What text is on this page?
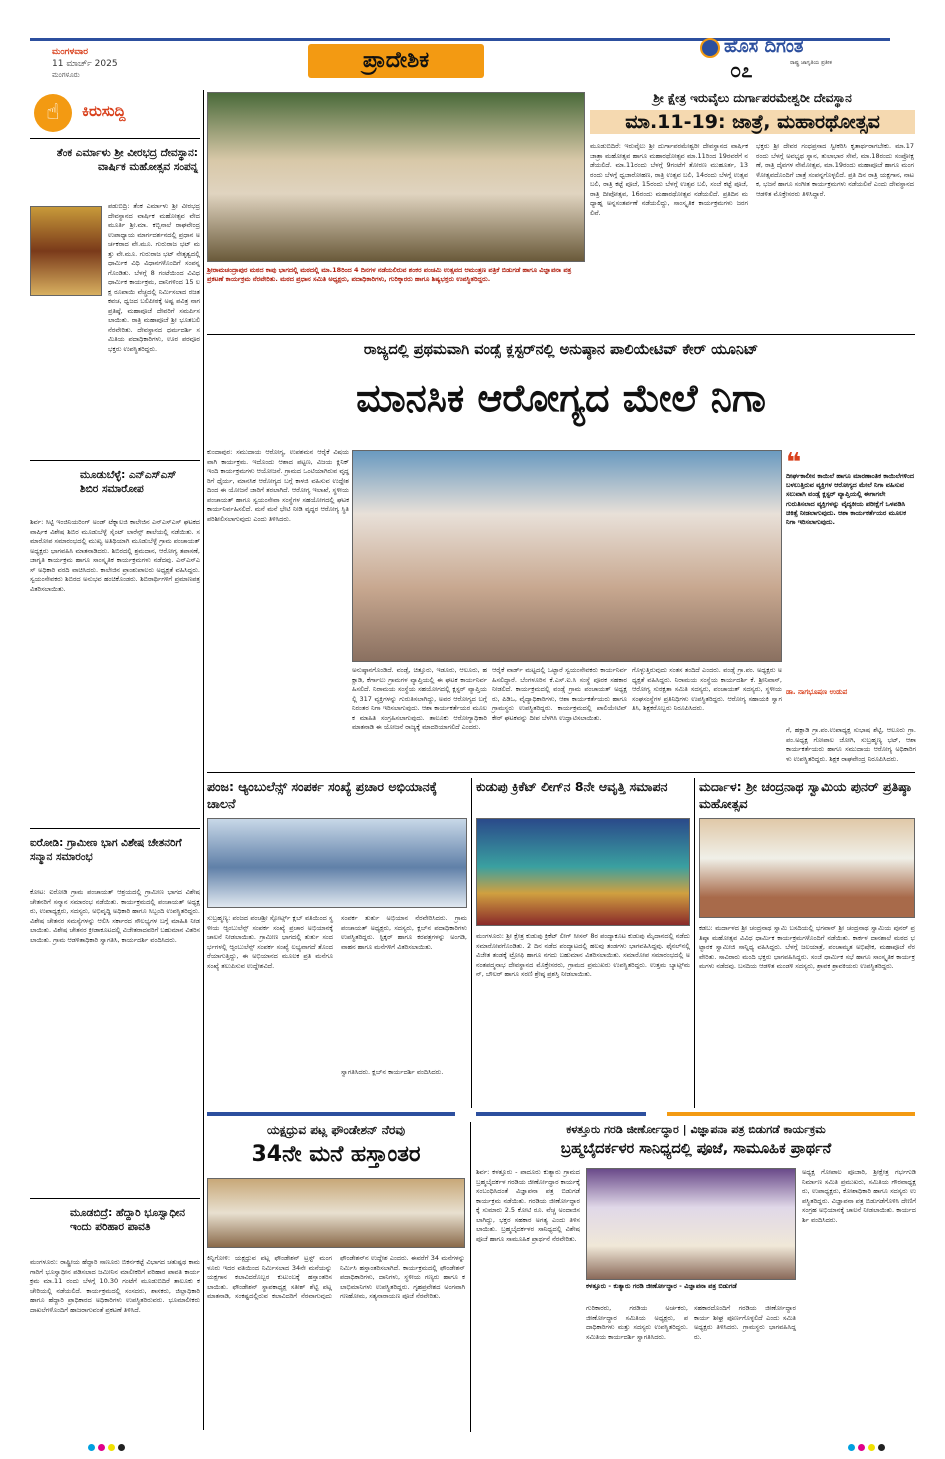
ಮಂಗಳವಾರ
11 ಮಾರ್ಚ್ 2025
ಮಂಗಳೂರು
ಪ್ರಾದೇಶಿಕ
ಹೊಸ ದಿಗಂತ
ರಾಷ್ಟ್ರ ಜಾಗೃತಿಯ ಪ್ರತೀಕ
೦೭
☝	ಕಿರುಸುದ್ದಿ
ತೆಂಕ ಎರ್ಮಾಳು ಶ್ರೀ ವೀರಭದ್ರ ದೇವಸ್ಥಾನ: ವಾರ್ಷಿಕ ಮಹೋತ್ಸವ ಸಂಪನ್ನ
ಪಡುಬಿದ್ರಿ: ತೆಂಕ ಎರ್ಮಾಳು ಶ್ರೀ ವೀರಭದ್ರ ದೇವಸ್ಥಾನದ ವಾರ್ಷಿಕ ಮಹೋತ್ಸವ ವೇದಮೂರ್ತಿ ಶ್ರೀ.ಮಾ. ಕಬ್ಬಿನಾಲೆ ರಾಘವೇಂದ್ರ ಉಪಾಧ್ಯಾಯ ಮಾರ್ಗದರ್ಶನದಲ್ಲಿ ಪ್ರಧಾನ ಅರ್ಚಕರಾದ ವೇ.ಮೂ. ಗುರುರಾಜ ಭಟ್ ಮತ್ತು ವೇ.ಮೂ. ಗುರುರಾಜ ಭಟ್ ನೇತೃತ್ವದಲ್ಲಿ ಧಾರ್ಮಿಕ ವಿಧಿ ವಿಧಾನಗಳೊಂದಿಗೆ ಸಂಪನ್ನಗೊಂಡಿತು. ಬೆಳಗ್ಗೆ 8 ಗಂಟೆಯಿಂದ ವಿವಿಧ ಧಾರ್ಮಿಕ ಕಾರ್ಯಕ್ರಮ, ದಾನಿಗಳಿಂದ 15 ಲಕ್ಷ ರೂಪಾಯಿ ವೆಚ್ಚದಲ್ಲಿ ನಿರ್ಮಿಸಲಾದ ರಜತ ಕವಚ, ಧ್ವಜದ ಬಲಿಪೀಠಕ್ಕೆ ಅಷ್ಟ ಪವಿತ್ರ ನಾಗ ಪ್ರತಿಷ್ಠೆ, ಮಹಾಪೂಜೆ ದೇವರಿಗೆ ಸಮರ್ಪಿಸಲಾಯಿತು. ರಾತ್ರಿ ಮಹಾಪೂಜೆ ಶ್ರೀ ಭೂತಬಲಿ ನೆರವೇರಿತು. ದೇವಸ್ಥಾನದ ಧರ್ಮದರ್ಶಿ ಸಮಿತಿಯ ಪದಾಧಿಕಾರಿಗಳು, ಊರ ಪರವೂರ ಭಕ್ತರು ಉಪಸ್ಥಿತರಿದ್ದರು.
ಮೂಡುಬೆಳ್ಳೆ: ಎನ್‌ಎಸ್‌ಎಸ್ ಶಿಬಿರ ಸಮಾರೋಪ
ಶಿರ್ವ: ಸಿಟ್ಟಿ ಇಂಜಿನಿಯರಿಂಗ್ ಅಂಡ್ ಟೆಕ್ನಾಲಜಿ ಕಾಲೇಜಿನ ಎನ್‌ಎಸ್‌ಎಸ್ ಘಟಕದ ವಾರ್ಷಿಕ ವಿಶೇಷ ಶಿಬಿರ ಮೂಡುಬೆಳ್ಳೆ ಸೈಂಟ್ ಲಾರೆನ್ಸ್ ಶಾಲೆಯಲ್ಲಿ ನಡೆಯಿತು. ಸಮಾರೋಪ ಸಮಾರಂಭದಲ್ಲಿ ಮುಖ್ಯ ಅತಿಥಿಯಾಗಿ ಮೂಡುಬೆಳ್ಳೆ ಗ್ರಾಮ ಪಂಚಾಯತ್ ಅಧ್ಯಕ್ಷರು ಭಾಗವಹಿಸಿ ಮಾತನಾಡಿದರು. ಶಿಬಿರದಲ್ಲಿ ಶ್ರಮದಾನ, ಆರೋಗ್ಯ ತಪಾಸಣೆ, ಜಾಗೃತಿ ಕಾರ್ಯಕ್ರಮ ಹಾಗೂ ಸಾಂಸ್ಕೃತಿಕ ಕಾರ್ಯಕ್ರಮಗಳು ನಡೆದವು. ಎನ್‌ಎಸ್‌ಎಸ್ ಅಧಿಕಾರಿ ವರದಿ ವಾಚಿಸಿದರು. ಕಾಲೇಜಿನ ಪ್ರಾಂಶುಪಾಲರು ಅಧ್ಯಕ್ಷತೆ ವಹಿಸಿದ್ದರು. ಸ್ವಯಂಸೇವಕರು ಶಿಬಿರದ ಅನುಭವ ಹಂಚಿಕೊಂಡರು. ಶಿಬಿರಾರ್ಥಿಗಳಿಗೆ ಪ್ರಮಾಣಪತ್ರ ವಿತರಿಸಲಾಯಿತು.
ಐರೋಡಿ: ಗ್ರಾಮೀಣ ಭಾಗ ವಿಶೇಷ ಚೇತನರಿಗೆ ಸನ್ಮಾನ ಸಮಾರಂಭ
ಕೋಟ: ಐರೋಡಿ ಗ್ರಾಮ ಪಂಚಾಯತ್ ಆಶ್ರಯದಲ್ಲಿ ಗ್ರಾಮೀಣ ಭಾಗದ ವಿಶೇಷ ಚೇತನರಿಗೆ ಸನ್ಮಾನ ಸಮಾರಂಭ ನಡೆಯಿತು. ಕಾರ್ಯಕ್ರಮದಲ್ಲಿ ಪಂಚಾಯತ್ ಅಧ್ಯಕ್ಷರು, ಉಪಾಧ್ಯಕ್ಷರು, ಸದಸ್ಯರು, ಅಭಿವೃದ್ಧಿ ಅಧಿಕಾರಿ ಹಾಗೂ ಸಿಬ್ಬಂದಿ ಉಪಸ್ಥಿತರಿದ್ದರು. ವಿಶೇಷ ಚೇತನರ ಸಮಸ್ಯೆಗಳನ್ನು ಆಲಿಸಿ ಸರ್ಕಾರದ ಸೌಲಭ್ಯಗಳ ಬಗ್ಗೆ ಮಾಹಿತಿ ನೀಡಲಾಯಿತು. ವಿಶೇಷ ಚೇತನರ ಕ್ರೀಡಾಕೂಟದಲ್ಲಿ ವಿಜೇತರಾದವರಿಗೆ ಬಹುಮಾನ ವಿತರಿಸಲಾಯಿತು. ಗ್ರಾಮ ಆಡಳಿತಾಧಿಕಾರಿ ಸ್ವಾಗತಿಸಿ, ಕಾರ್ಯದರ್ಶಿ ವಂದಿಸಿದರು.
ಮೂಡಬಿದ್ರೆ: ಹೆದ್ದಾರಿ ಭೂಸ್ವಾಧೀನ ಇಂದು ಪರಿಹಾರ ಪಾವತಿ
ಮಂಗಳೂರು: ರಾಷ್ಟ್ರೀಯ ಹೆದ್ದಾರಿ ಸಾಣೂರು ಬಿಕರ್ನಕಟ್ಟೆ ವಿಭಾಗದ ಚತುಷ್ಪಥ ಕಾಮಗಾರಿಗೆ ಭೂಸ್ವಾಧೀನ ಪಡಿಸಲಾದ ಜಮೀನಿನ ಮಾಲೀಕರಿಗೆ ಪರಿಹಾರ ಪಾವತಿ ಕಾರ್ಯಕ್ರಮ ಮಾ.11 ರಂದು ಬೆಳಗ್ಗೆ 10.30 ಗಂಟೆಗೆ ಮೂಡುಬಿದಿರೆ ತಾಲೂಕು ಕಚೇರಿಯಲ್ಲಿ ನಡೆಯಲಿದೆ. ಕಾರ್ಯಕ್ರಮದಲ್ಲಿ ಸಂಸದರು, ಶಾಸಕರು, ಜಿಲ್ಲಾಧಿಕಾರಿ ಹಾಗೂ ಹೆದ್ದಾರಿ ಪ್ರಾಧಿಕಾರದ ಅಧಿಕಾರಿಗಳು ಉಪಸ್ಥಿತರಿರುವರು. ಭೂಮಾಲೀಕರು ದಾಖಲೆಗಳೊಂದಿಗೆ ಹಾಜರಾಗುವಂತೆ ಪ್ರಕಟಣೆ ತಿಳಿಸಿದೆ.
ಶ್ರೀರಾಮಚಂದ್ರಾಪುರ ಮಠದ ಕಾಪು ಭಾಗದಲ್ಲಿ ಮಠದಲ್ಲಿ ಮಾ.18ರಿಂದ 4 ದಿನಗಳ ನಡೆಯಲಿರುವ ಶಂಕರ ಪಂಚಮಿ ಉತ್ಸವದ ಆಮಂತ್ರಣ ಪತ್ರಿಕೆ ಬಿಡುಗಡೆ ಹಾಗೂ ವಿಜ್ಞಾಪನಾ ಪತ್ರ ಪ್ರಕಟಣೆ ಕಾರ್ಯಕ್ರಮ ನೆರವೇರಿತು. ಮಠದ ಪ್ರಧಾನ ಸಮಿತಿ ಅಧ್ಯಕ್ಷರು, ಪದಾಧಿಕಾರಿಗಳು, ಗುರಿಕ್ಕಾರರು ಹಾಗೂ ಶಿಷ್ಯಭಕ್ತರು ಉಪಸ್ಥಿತರಿದ್ದರು.
ಶ್ರೀ ಕ್ಷೇತ್ರ ಇರುವೈಲು ದುರ್ಗಾಪರಮೇಶ್ವರೀ ದೇವಸ್ಥಾನ
ಮಾ.11-19: ಜಾತ್ರೆ, ಮಹಾರಥೋತ್ಸವ
ಮೂಡುಬಿದಿರೆ: ಇರುವೈಲು ಶ್ರೀ ದುರ್ಗಾಪರಮೇಶ್ವರೀ ದೇವಸ್ಥಾನದ ವಾರ್ಷಿಕ ಜಾತ್ರಾ ಮಹೋತ್ಸವ ಹಾಗೂ ಮಹಾರಥೋತ್ಸವ ಮಾ.11ರಿಂದ 19ರವರೆಗೆ ನಡೆಯಲಿದೆ. ಮಾ.11ರಂದು ಬೆಳಗ್ಗೆ 9ಗಂಟೆಗೆ ತೋರಣ ಮುಹೂರ್ತ, 13ರಂದು ಬೆಳಗ್ಗೆ ಧ್ವಜಾರೋಹಣ, ರಾತ್ರಿ ಉತ್ಸವ ಬಲಿ, 14ರಂದು ಬೆಳಗ್ಗೆ ಉತ್ಸವ ಬಲಿ, ರಾತ್ರಿ ಕಟ್ಟೆ ಪೂಜೆ, 15ರಂದು ಬೆಳಗ್ಗೆ ಉತ್ಸವ ಬಲಿ, ಸಂಜೆ ಕಟ್ಟೆ ಪೂಜೆ, ರಾತ್ರಿ ದೀಪೋತ್ಸವ, 16ರಂದು ಮಹಾರಥೋತ್ಸವ ನಡೆಯಲಿದೆ. ಪ್ರತಿದಿನ ಮಧ್ಯಾಹ್ನ ಅನ್ನಸಂತರ್ಪಣೆ ನಡೆಯಲಿದ್ದು, ಸಾಂಸ್ಕೃತಿಕ ಕಾರ್ಯಕ್ರಮಗಳು ಜರಗಲಿವೆ.
ಭಕ್ತರು ಶ್ರೀ ದೇವರ ಗಂಧಪ್ರಸಾದ ಸ್ವೀಕರಿಸಿ ಕೃತಾರ್ಥರಾಗಬೇಕು. ಮಾ.17ರಂದು ಬೆಳಗ್ಗೆ ಅವಭೃಥ ಸ್ನಾನ, ತುಲಾಭಾರ ಸೇವೆ, ಮಾ.18ರಂದು ಸಂಪ್ರೋಕ್ಷಣೆ, ರಾತ್ರಿ ದೈವಗಳ ನೇಮೋತ್ಸವ, ಮಾ.19ರಂದು ಮಹಾಪೂಜೆ ಹಾಗೂ ಮಂಗಳೋತ್ಸವದೊಂದಿಗೆ ಜಾತ್ರೆ ಸಂಪನ್ನಗೊಳ್ಳಲಿದೆ. ಪ್ರತಿ ದಿನ ರಾತ್ರಿ ಯಕ್ಷಗಾನ, ನಾಟಕ, ಭಜನೆ ಹಾಗೂ ಸಂಗೀತ ಕಾರ್ಯಕ್ರಮಗಳು ನಡೆಯಲಿವೆ ಎಂದು ದೇವಸ್ಥಾನದ ಆಡಳಿತ ಮೊಕ್ತೇಸರರು ತಿಳಿಸಿದ್ದಾರೆ.
ರಾಜ್ಯದಲ್ಲಿ ಪ್ರಥಮವಾಗಿ ವಂಡ್ಸೆ ಕ್ಲಸ್ಟರ್‌ನಲ್ಲಿ ಅನುಷ್ಠಾನ ಪಾಲಿಯೇಟಿವ್ ಕೇರ್ ಯೂನಿಟ್
ಮಾನಸಿಕ ಆರೋಗ್ಯದ ಮೇಲೆ ನಿಗಾ
ಕುಂದಾಪುರ: ಸಮುದಾಯ ಆರೋಗ್ಯ, ಉಪಶಮನ ಆರೈಕೆ ವಿಷಯವಾಗಿ ಕಾರ್ಯಕ್ರಮ. ಇದೊಂದು ಆಶಾದ ಪಟ್ಟಣ, ವಿಜಯ ಕ್ಲಿನಿಕ್ ಇಂದಿ ಕಾರ್ಯಕ್ರಮಗಳು ಆಯೋಜನೆ. ಗ್ರಾಮದ ಒಂಟಿಯಾಗಿರುವ ವೃದ್ಧರಿಗೆ ಧೈರ್ಯ, ಮಾನಸಿಕ ಆರೋಗ್ಯದ ಬಗ್ಗೆ ಕಾಳಜಿ ವಹಿಸುವ ಉದ್ದೇಶದಿಂದ ಈ ಯೋಜನೆ ಜಾರಿಗೆ ತರಲಾಗಿದೆ. ಆರೋಗ್ಯ ಇಲಾಖೆ, ಸ್ಥಳೀಯ ಪಂಚಾಯತ್ ಹಾಗೂ ಸ್ವಯಂಸೇವಾ ಸಂಸ್ಥೆಗಳ ಸಹಯೋಗದಲ್ಲಿ ಘಟಕ ಕಾರ್ಯನಿರ್ವಹಿಸಲಿದೆ. ಮನೆ ಮನೆ ಭೇಟಿ ನೀಡಿ ವೃದ್ಧರ ಆರೋಗ್ಯ ಸ್ಥಿತಿ ಪರಿಶೀಲಿಸಲಾಗುವುದು ಎಂದು ತಿಳಿಸಿದರು.
❝
ದೀರ್ಘಕಾಲೀನ ಕಾಯಿಲೆ ಹಾಗೂ ಮಾರಣಾಂತಿಕ ಕಾಯಿಲೆಗಳಿಂದ ಬಳಲುತ್ತಿರುವ ವ್ಯಕ್ತಿಗಳ ಆರೋಗ್ಯದ ಮೇಲೆ ನಿಗಾ ವಹಿಸುವ ಸಲುವಾಗಿ ವಂಡ್ಸೆ ಕ್ಲಸ್ಟರ್ ವ್ಯಾಪ್ತಿಯಲ್ಲಿ ಈಗಾಗಲೇ ಗುರುತಿಸಲಾದ ವ್ಯಕ್ತಿಗಳನ್ನು ವೈದ್ಯಕೀಯ ಪರೀಕ್ಷೆಗೆ ಒಳಪಡಿಸಿ ಚಿಕಿತ್ಸೆ ನೀಡಲಾಗುವುದು. ಆಶಾ ಕಾರ್ಯಕರ್ತೆಯರ ಮೂಲಕ ನಿಗಾ ಇರಿಸಲಾಗುವುದು.
ಡಾ. ನಾಗಭೂಷಣ ಉಡುಪ
ಅನುಷ್ಠಾನಗೊಂಡಿದೆ. ವಂಡ್ಸೆ, ಚಿತ್ತೂರು, ಇಡೂರು, ಆಲೂರು, ಹಕ್ಲಾಡಿ, ಕೆರ್ಗಾಲು ಗ್ರಾಮಗಳ ವ್ಯಾಪ್ತಿಯಲ್ಲಿ ಈ ಘಟಕ ಕಾರ್ಯನಿರ್ವಹಿಸಲಿದೆ. ನಿರಾಮಯ ಸಂಸ್ಥೆಯ ಸಹಯೋಗದಲ್ಲಿ ಕ್ಲಸ್ಟರ್ ವ್ಯಾಪ್ತಿಯಲ್ಲಿ 317 ವ್ಯಕ್ತಿಗಳನ್ನು ಗುರುತಿಸಲಾಗಿದ್ದು, ಅವರ ಆರೋಗ್ಯದ ಬಗ್ಗೆ ನಿರಂತರ ನಿಗಾ ಇರಿಸಲಾಗುವುದು. ಆಶಾ ಕಾರ್ಯಕರ್ತೆಯರ ಮೂಲಕ ಮಾಹಿತಿ ಸಂಗ್ರಹಿಸಲಾಗುವುದು. ತಾಲೂಕು ಆರೋಗ್ಯಾಧಿಕಾರಿ ಮಾತನಾಡಿ ಈ ಯೋಜನೆ ರಾಜ್ಯಕ್ಕೆ ಮಾದರಿಯಾಗಲಿದೆ ಎಂದರು.
ಆರೈಕೆ ವಾರ್ಡ್ ಮಟ್ಟದಲ್ಲಿ ಒಟ್ಟಾರೆ ಸ್ವಯಂಸೇವಕರು ಕಾರ್ಯನಿರ್ವಹಿಸಲಿದ್ದಾರೆ. ಬೆಂಗಳೂರಿನ ಕೆ.ಎಸ್.ಐ.ಸಿ ಸಂಸ್ಥೆ ಪೂರಕ ಸಹಕಾರ ನೀಡಲಿದೆ. ಕಾರ್ಯಕ್ರಮದಲ್ಲಿ ವಂಡ್ಸೆ ಗ್ರಾಮ ಪಂಚಾಯತ್ ಅಧ್ಯಕ್ಷರು, ಪಿಡಿಒ, ವೈದ್ಯಾಧಿಕಾರಿಗಳು, ಆಶಾ ಕಾರ್ಯಕರ್ತೆಯರು ಹಾಗೂ ಗ್ರಾಮಸ್ಥರು ಉಪಸ್ಥಿತರಿದ್ದರು. ಕಾರ್ಯಕ್ರಮದಲ್ಲಿ ಪಾಲಿಯೇಟಿವ್ ಕೇರ್ ಘಟಕವನ್ನು ದೀಪ ಬೆಳಗಿಸಿ ಉದ್ಘಾಟಿಸಲಾಯಿತು.
ಗೊಳ್ಳುತ್ತಿರುವುದು ಸಂತಸ ತಂದಿದೆ ಎಂದರು. ವಂಡ್ಸೆ ಗ್ರಾ.ಪಂ. ಅಧ್ಯಕ್ಷರು ಅಧ್ಯಕ್ಷತೆ ವಹಿಸಿದ್ದರು. ನಿರಾಮಯ ಸಂಸ್ಥೆಯ ಕಾರ್ಯದರ್ಶಿ ಕೆ. ಶ್ರೀನಿವಾಸ್, ಆರೋಗ್ಯ ಸುರಕ್ಷತಾ ಸಮಿತಿ ಸದಸ್ಯರು, ಪಂಚಾಯತ್ ಸದಸ್ಯರು, ಸ್ಥಳೀಯ ಸಂಘಸಂಸ್ಥೆಗಳ ಪ್ರತಿನಿಧಿಗಳು ಉಪಸ್ಥಿತರಿದ್ದರು. ಆರೋಗ್ಯ ಸಹಾಯಕಿ ಸ್ವಾಗತಿಸಿ, ಶಿಕ್ಷಕರೊಬ್ಬರು ನಿರೂಪಿಸಿದರು.
ಗೆ, ಹಕ್ಲಾಡಿ ಗ್ರಾ.ಪಂ.ಉಪಾಧ್ಯಕ್ಷ ಸುಭಾಷ ಶೆಟ್ಟಿ, ಆಲೂರು ಗ್ರಾ.ಪಂ.ಅಧ್ಯಕ್ಷ ಗೋಪಾಲ ಜೋಗಿ, ಸುಬ್ರಹ್ಮಣ್ಯ ಭಟ್, ಆಶಾ ಕಾರ್ಯಕರ್ತೆಯರು ಹಾಗೂ ಸಮುದಾಯ ಆರೋಗ್ಯ ಅಧಿಕಾರಿಗಳು ಉಪಸ್ಥಿತರಿದ್ದರು. ಶಿಕ್ಷಕ ರಾಘವೇಂದ್ರ ನಿರೂಪಿಸಿದರು.
ಪಂಜ: ಆ್ಯಂಬುಲೆನ್ಸ್ ಸಂಪರ್ಕ ಸಂಖ್ಯೆ ಪ್ರಚಾರ ಅಭಿಯಾನಕ್ಕೆ ಚಾಲನೆ
ಸುಬ್ರಹ್ಮಣ್ಯ: ಪಂಜದ ಪಂಚಶ್ರೀ ಸ್ಪೋರ್ಟ್ಸ್ ಕ್ಲಬ್ ವತಿಯಿಂದ ಸ್ಥಳೀಯ ಆ್ಯಂಬುಲೆನ್ಸ್ ಸಂಪರ್ಕ ಸಂಖ್ಯೆ ಪ್ರಚಾರ ಅಭಿಯಾನಕ್ಕೆ ಚಾಲನೆ ನೀಡಲಾಯಿತು. ಗ್ರಾಮೀಣ ಭಾಗದಲ್ಲಿ ತುರ್ತು ಸಂದರ್ಭಗಳಲ್ಲಿ ಆ್ಯಂಬುಲೆನ್ಸ್ ಸಂಪರ್ಕ ಸಂಖ್ಯೆ ಲಭ್ಯವಾಗದೆ ತೊಂದರೆಯಾಗುತ್ತಿದ್ದು, ಈ ಅಭಿಯಾನದ ಮೂಲಕ ಪ್ರತಿ ಮನೆಗೂ ಸಂಖ್ಯೆ ತಲುಪಿಸುವ ಉದ್ದೇಶವಿದೆ.
ಸಂಪರ್ಕ ತುರ್ತು ಅಭಿಯಾನ ನೆರವೇರಿಸಿದರು. ಗ್ರಾಮ ಪಂಚಾಯತ್ ಅಧ್ಯಕ್ಷರು, ಸದಸ್ಯರು, ಕ್ಲಬ್‌ನ ಪದಾಧಿಕಾರಿಗಳು ಉಪಸ್ಥಿತರಿದ್ದರು. ಸ್ಟಿಕ್ಕರ್ ಹಾಗೂ ಕರಪತ್ರಗಳನ್ನು ಅಂಗಡಿ, ವಾಹನ ಹಾಗೂ ಮನೆಗಳಿಗೆ ವಿತರಿಸಲಾಯಿತು.
ಸ್ವಾಗತಿಸಿದರು. ಕ್ಲಬ್‌ನ ಕಾರ್ಯದರ್ಶಿ ವಂದಿಸಿದರು.
ಕುಡುಪು ಕ್ರಿಕೆಟ್ ಲೀಗ್‌ನ 8ನೇ ಆವೃತ್ತಿ ಸಮಾಪನ
ಮಂಗಳೂರು: ಶ್ರೀ ಕ್ಷೇತ್ರ ಕುಡುಪು ಕ್ರಿಕೆಟ್ ಲೀಗ್ ಸೀಸನ್ 8ರ ಪಂದ್ಯಾಕೂಟ ಕುಡುಪು ಮೈದಾನದಲ್ಲಿ ನಡೆದು ಸಮಾರೋಪಗೊಂಡಿತು. 2 ದಿನ ನಡೆದ ಪಂದ್ಯಾಟದಲ್ಲಿ ಹಲವು ತಂಡಗಳು ಭಾಗವಹಿಸಿದ್ದವು. ಫೈನಲ್‌ನಲ್ಲಿ ವಿಜೇತ ತಂಡಕ್ಕೆ ಟ್ರೋಫಿ ಹಾಗೂ ನಗದು ಬಹುಮಾನ ವಿತರಿಸಲಾಯಿತು. ಸಮಾರೋಪ ಸಮಾರಂಭದಲ್ಲಿ ಅನಂತಪದ್ಮನಾಭ ದೇವಸ್ಥಾನದ ಮೊಕ್ತೇಸರರು, ಗ್ರಾಮದ ಪ್ರಮುಖರು ಉಪಸ್ಥಿತರಿದ್ದರು. ಉತ್ತಮ ಬ್ಯಾಟ್ಸ್‌ಮನ್, ಬೌಲರ್ ಹಾಗೂ ಸರಣಿ ಶ್ರೇಷ್ಠ ಪ್ರಶಸ್ತಿ ನೀಡಲಾಯಿತು.
ಮರ್ದಾಳ: ಶ್ರೀ ಚಂದ್ರನಾಥ ಸ್ವಾಮಿಯ ಪುನರ್ ಪ್ರತಿಷ್ಠಾ ಮಹೋತ್ಸವ
ಕಡಬ: ಮರ್ದಾಳದ ಶ್ರೀ ಚಂದ್ರನಾಥ ಸ್ವಾಮಿ ಬಸದಿಯಲ್ಲಿ ಭಗವಾನ್ ಶ್ರೀ ಚಂದ್ರನಾಥ ಸ್ವಾಮಿಯ ಪುನರ್ ಪ್ರತಿಷ್ಠಾ ಮಹೋತ್ಸವ ವಿವಿಧ ಧಾರ್ಮಿಕ ಕಾರ್ಯಕ್ರಮಗಳೊಂದಿಗೆ ನಡೆಯಿತು. ಕಾರ್ಕಳ ದಾನಶಾಲೆ ಮಠದ ಭಟ್ಟಾರಕ ಸ್ವಾಮೀಜಿ ಸಾನ್ನಿಧ್ಯ ವಹಿಸಿದ್ದರು. ಬೆಳಗ್ಗೆ ಜಲಯಾತ್ರೆ, ಪಂಚಾಮೃತ ಅಭಿಷೇಕ, ಮಹಾಪೂಜೆ ನೆರವೇರಿತು. ಸಾವಿರಾರು ಮಂದಿ ಭಕ್ತರು ಭಾಗವಹಿಸಿದ್ದರು. ಸಂಜೆ ಧಾರ್ಮಿಕ ಸಭೆ ಹಾಗೂ ಸಾಂಸ್ಕೃತಿಕ ಕಾರ್ಯಕ್ರಮಗಳು ನಡೆದವು. ಬಸದಿಯ ಆಡಳಿತ ಮಂಡಳಿ ಸದಸ್ಯರು, ಶ್ರಾವಕ ಶ್ರಾವಕಿಯರು ಉಪಸ್ಥಿತರಿದ್ದರು.
ಯಕ್ಷಧ್ರುವ ಪಟ್ಲ ಫೌಂಡೇಶನ್ ನೆರವು
34ನೇ ಮನೆ ಹಸ್ತಾಂತರ
ಕಿನ್ನಿಗೋಳಿ: ಯಕ್ಷಧ್ರುವ ಪಟ್ಲ ಫೌಂಡೇಶನ್ ಟ್ರಸ್ಟ್ ಮಂಗಳೂರು ಇದರ ವತಿಯಿಂದ ನಿರ್ಮಿಸಲಾದ 34ನೇ ಮನೆಯನ್ನು ಯಕ್ಷಗಾನ ಕಲಾವಿದರೊಬ್ಬರ ಕುಟುಂಬಕ್ಕೆ ಹಸ್ತಾಂತರಿಸಲಾಯಿತು. ಫೌಂಡೇಶನ್ ಸ್ಥಾಪಕಾಧ್ಯಕ್ಷ ಸತೀಶ್ ಶೆಟ್ಟಿ ಪಟ್ಲ ಮಾತನಾಡಿ, ಸಂಕಷ್ಟದಲ್ಲಿರುವ ಕಲಾವಿದರಿಗೆ ನೆರವಾಗುವುದು ಫೌಂಡೇಶನ್‌ನ ಉದ್ದೇಶ ಎಂದರು. ಈವರೆಗೆ 34 ಮನೆಗಳನ್ನು ನಿರ್ಮಿಸಿ ಹಸ್ತಾಂತರಿಸಲಾಗಿದೆ. ಕಾರ್ಯಕ್ರಮದಲ್ಲಿ ಫೌಂಡೇಶನ್ ಪದಾಧಿಕಾರಿಗಳು, ದಾನಿಗಳು, ಸ್ಥಳೀಯ ಗಣ್ಯರು ಹಾಗೂ ಕಲಾಭಿಮಾನಿಗಳು ಉಪಸ್ಥಿತರಿದ್ದರು. ಗೃಹಪ್ರವೇಶದ ಅಂಗವಾಗಿ ಗಣಹೋಮ, ಸತ್ಯನಾರಾಯಣ ಪೂಜೆ ನೆರವೇರಿತು.
ಕಳತ್ತೂರು ಗರಡಿ ಜೀರ್ಣೋದ್ಧಾರ | ವಿಜ್ಞಾಪನಾ ಪತ್ರ ಬಿಡುಗಡೆ ಕಾರ್ಯಕ್ರಮ
ಬ್ರಹ್ಮಬೈದರ್ಕಳರ ಸಾನಿಧ್ಯದಲ್ಲಿ ಪೂಜೆ, ಸಾಮೂಹಿಕ ಪ್ರಾರ್ಥನೆ
ಶಿರ್ವ: ಕಳತ್ತೂರು - ಪಾದೂರು ಕುತ್ಯಾರು ಗ್ರಾಮದ ಬ್ರಹ್ಮಬೈದರ್ಕಳ ಗರಡಿಯ ಜೀರ್ಣೋದ್ಧಾರ ಕಾರ್ಯಕ್ಕೆ ಸಂಬಂಧಿಸಿದಂತೆ ವಿಜ್ಞಾಪನಾ ಪತ್ರ ಬಿಡುಗಡೆ ಕಾರ್ಯಕ್ರಮ ನಡೆಯಿತು. ಗರಡಿಯ ಜೀರ್ಣೋದ್ಧಾರಕ್ಕೆ ಸುಮಾರು 2.5 ಕೋಟಿ ರೂ. ವೆಚ್ಚ ಅಂದಾಜಿಸಲಾಗಿದ್ದು, ಭಕ್ತರ ಸಹಕಾರ ಅಗತ್ಯ ಎಂದು ತಿಳಿಸಲಾಯಿತು. ಬ್ರಹ್ಮಬೈದರ್ಕಳರ ಸಾನಿಧ್ಯದಲ್ಲಿ ವಿಶೇಷ ಪೂಜೆ ಹಾಗೂ ಸಾಮೂಹಿಕ ಪ್ರಾರ್ಥನೆ ನೆರವೇರಿತು.
ಕಳತ್ತೂರು - ಕುತ್ಯಾರು ಗರಡಿ ಜೀರ್ಣೋದ್ಧಾರ - ವಿಜ್ಞಾಪನಾ ಪತ್ರ ಬಿಡುಗಡೆ
ಗುರಿಕಾರರು, ಗರಡಿಯ ಅರ್ಚಕರು, ಜೀರ್ಣೋದ್ಧಾರ ಸಮಿತಿಯ ಅಧ್ಯಕ್ಷರು, ಪದಾಧಿಕಾರಿಗಳು ಮತ್ತು ಸದಸ್ಯರು ಉಪಸ್ಥಿತರಿದ್ದರು. ಸಮಿತಿಯ ಕಾರ್ಯದರ್ಶಿ ಸ್ವಾಗತಿಸಿದರು.
ಸಹಕಾರದೊಂದಿಗೆ ಗರಡಿಯ ಜೀರ್ಣೋದ್ಧಾರ ಕಾರ್ಯ ಶೀಘ್ರ ಪೂರ್ಣಗೊಳ್ಳಲಿದೆ ಎಂದು ಸಮಿತಿ ಅಧ್ಯಕ್ಷರು ತಿಳಿಸಿದರು. ಗ್ರಾಮಸ್ಥರು ಭಾಗವಹಿಸಿದ್ದರು.
ಅಧ್ಯಕ್ಷ ಗೋಪಾಲ ಪೂಜಾರಿ, ಶ್ರೀಕ್ಷೇತ್ರ ಗರ್ಭಗುಡಿ ನಿರ್ಮಾಣ ಸಮಿತಿ ಪ್ರಮುಖರು, ಸಮಿತಿಯ ಗೌರವಾಧ್ಯಕ್ಷರು, ಉಪಾಧ್ಯಕ್ಷರು, ಕೋಶಾಧಿಕಾರಿ ಹಾಗೂ ಸದಸ್ಯರು ಉಪಸ್ಥಿತರಿದ್ದರು. ವಿಜ್ಞಾಪನಾ ಪತ್ರ ಬಿಡುಗಡೆಗೊಳಿಸಿ ದೇಣಿಗೆ ಸಂಗ್ರಹ ಅಭಿಯಾನಕ್ಕೆ ಚಾಲನೆ ನೀಡಲಾಯಿತು. ಕಾರ್ಯದರ್ಶಿ ವಂದಿಸಿದರು.
